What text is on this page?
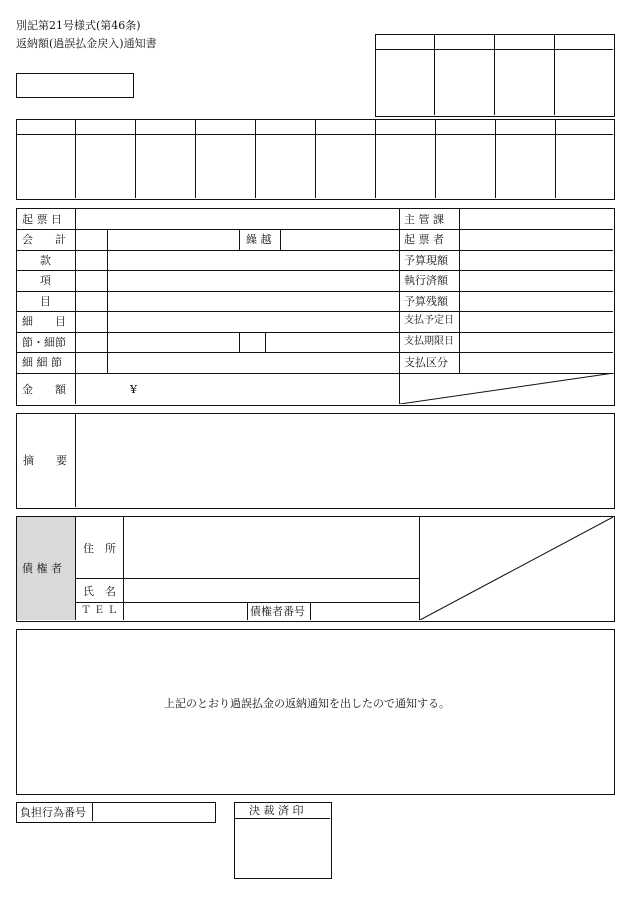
別記第21号様式(第46条)
返納額(過誤払金戻入)通知書
起 票 日
会　　計
款
項
目
細　　目
節・細節
細 細 節
金　　額
繰 越
¥
主 管 課
起 票 者
予算現額
執行済額
予算残額
支払予定日
支払期限日
支払区分
摘　　要
債 権 者
住　所
氏　名
Ｔ Ｅ Ｌ	債権者番号
上記のとおり過誤払金の返納通知を出したので通知する。
負担行為番号	決 裁 済 印
